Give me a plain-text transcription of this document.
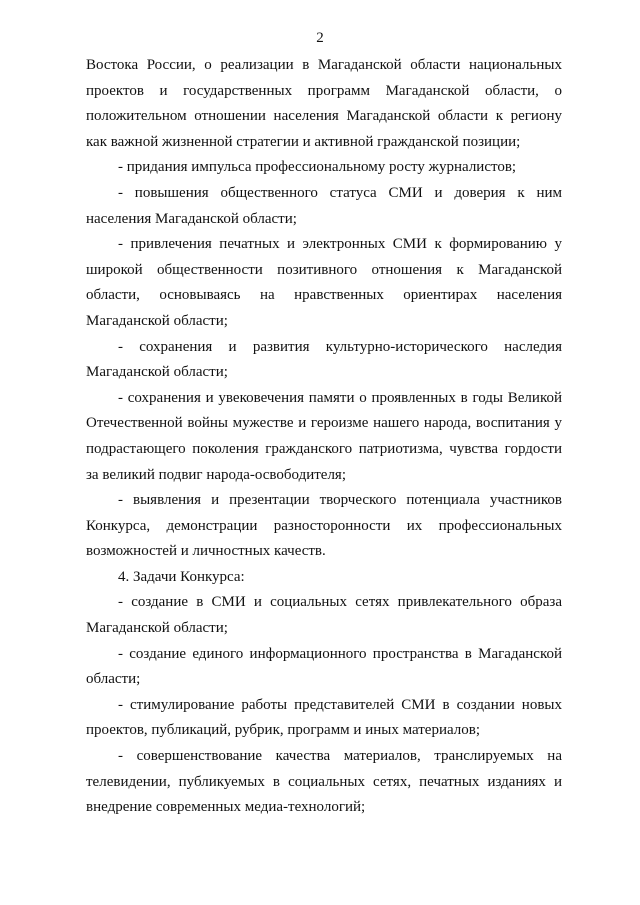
2

Востока России, о реализации в Магаданской области национальных проектов и государственных программ Магаданской области, о положительном отношении населения Магаданской области к региону как важной жизненной стратегии и активной гражданской позиции;

- придания импульса профессиональному росту журналистов;

- повышения общественного статуса СМИ и доверия к ним населения Магаданской области;

- привлечения печатных и электронных СМИ к формированию у широкой общественности позитивного отношения к Магаданской области, основываясь на нравственных ориентирах населения Магаданской области;

- сохранения и развития культурно-исторического наследия Магаданской области;

- сохранения и увековечения памяти о проявленных в годы Великой Отечественной войны мужестве и героизме нашего народа, воспитания у подрастающего поколения гражданского патриотизма, чувства гордости за великий подвиг народа-освободителя;

- выявления и презентации творческого потенциала участников Конкурса, демонстрации разносторонности их профессиональных возможностей и личностных качеств.

4. Задачи Конкурса:

- создание в СМИ и социальных сетях привлекательного образа Магаданской области;

- создание единого информационного пространства в Магаданской области;

- стимулирование работы представителей СМИ в создании новых проектов, публикаций, рубрик, программ и иных материалов;

- совершенствование качества материалов, транслируемых на телевидении, публикуемых в социальных сетях, печатных изданиях и внедрение современных медиа-технологий;
